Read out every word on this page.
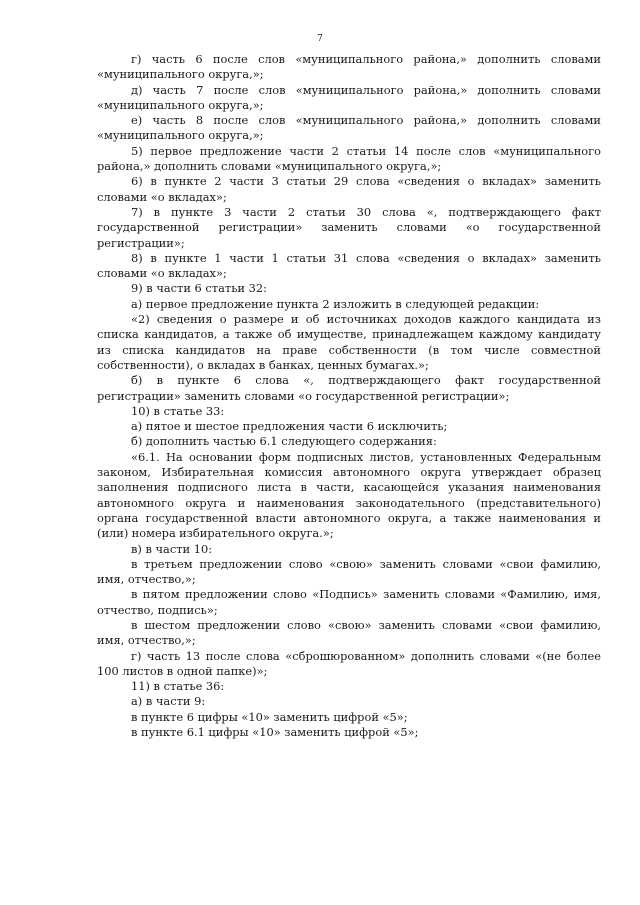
7

г) часть 6 после слов «муниципального района,» дополнить словами «муниципального округа,»;

д) часть 7 после слов «муниципального района,» дополнить словами «муниципального округа,»;

е) часть 8 после слов «муниципального района,» дополнить словами «муниципального округа,»;

5) первое предложение части 2 статьи 14 после слов «муниципального района,» дополнить словами «муниципального округа,»;

6) в пункте 2 части 3 статьи 29 слова «сведения о вкладах» заменить словами «о вкладах»;

7) в пункте 3 части 2 статьи 30 слова «, подтверждающего факт государственной регистрации» заменить словами «о государственной регистрации»;

8) в пункте 1 части 1 статьи 31 слова «сведения о вкладах» заменить словами «о вкладах»;

9) в части 6 статьи 32:

а) первое предложение пункта 2 изложить в следующей редакции:

«2) сведения о размере и об источниках доходов каждого кандидата из списка кандидатов, а также об имуществе, принадлежащем каждому кандидату из списка кандидатов на праве собственности (в том числе совместной собственности), о вкладах в банках, ценных бумагах.»;

б) в пункте 6 слова «, подтверждающего факт государственной регистрации» заменить словами «о государственной регистрации»;

10) в статье 33:

а) пятое и шестое предложения части 6 исключить;

б) дополнить частью 6.1 следующего содержания:

«6.1. На основании форм подписных листов, установленных Федеральным законом, Избирательная комиссия автономного округа утверждает образец заполнения подписного листа в части, касающейся указания наименования автономного округа и наименования законодательного (представительного) органа государственной власти автономного округа, а также наименования и (или) номера избирательного округа.»;

в) в части 10:

в третьем предложении слово «свою» заменить словами «свои фамилию, имя, отчество,»;

в пятом предложении слово «Подпись» заменить словами «Фамилию, имя, отчество, подпись»;

в шестом предложении слово «свою» заменить словами «свои фамилию, имя, отчество,»;

г) часть 13 после слова «сброшюрованном» дополнить словами «(не более 100 листов в одной папке)»;

11) в статье 36:

а) в части 9:

в пункте 6 цифры «10» заменить цифрой «5»;

в пункте 6.1 цифры «10» заменить цифрой «5»;
